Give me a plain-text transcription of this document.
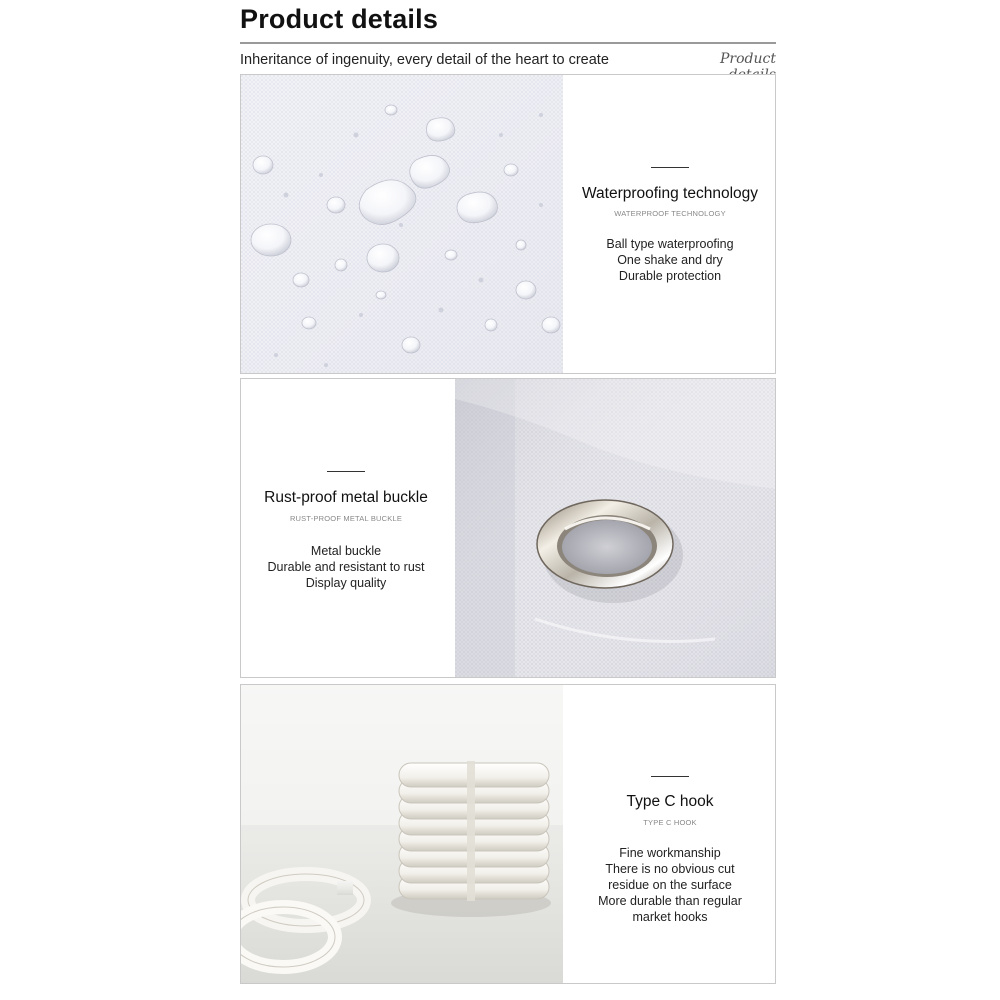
Product details
Inheritance of ingenuity, every detail of the heart to create	Product
Waterproofing technology
WATERPROOF TECHNOLOGY
Ball type waterproofing
One shake and dry
Durable protection
Rust-proof metal buckle
RUST-PROOF METAL BUCKLE
Metal buckle
Durable and resistant to rust
Display quality
Type C hook
TYPE C HOOK
Fine workmanship
There is no obvious cut
residue on the surface
More durable than regular
market hooks
